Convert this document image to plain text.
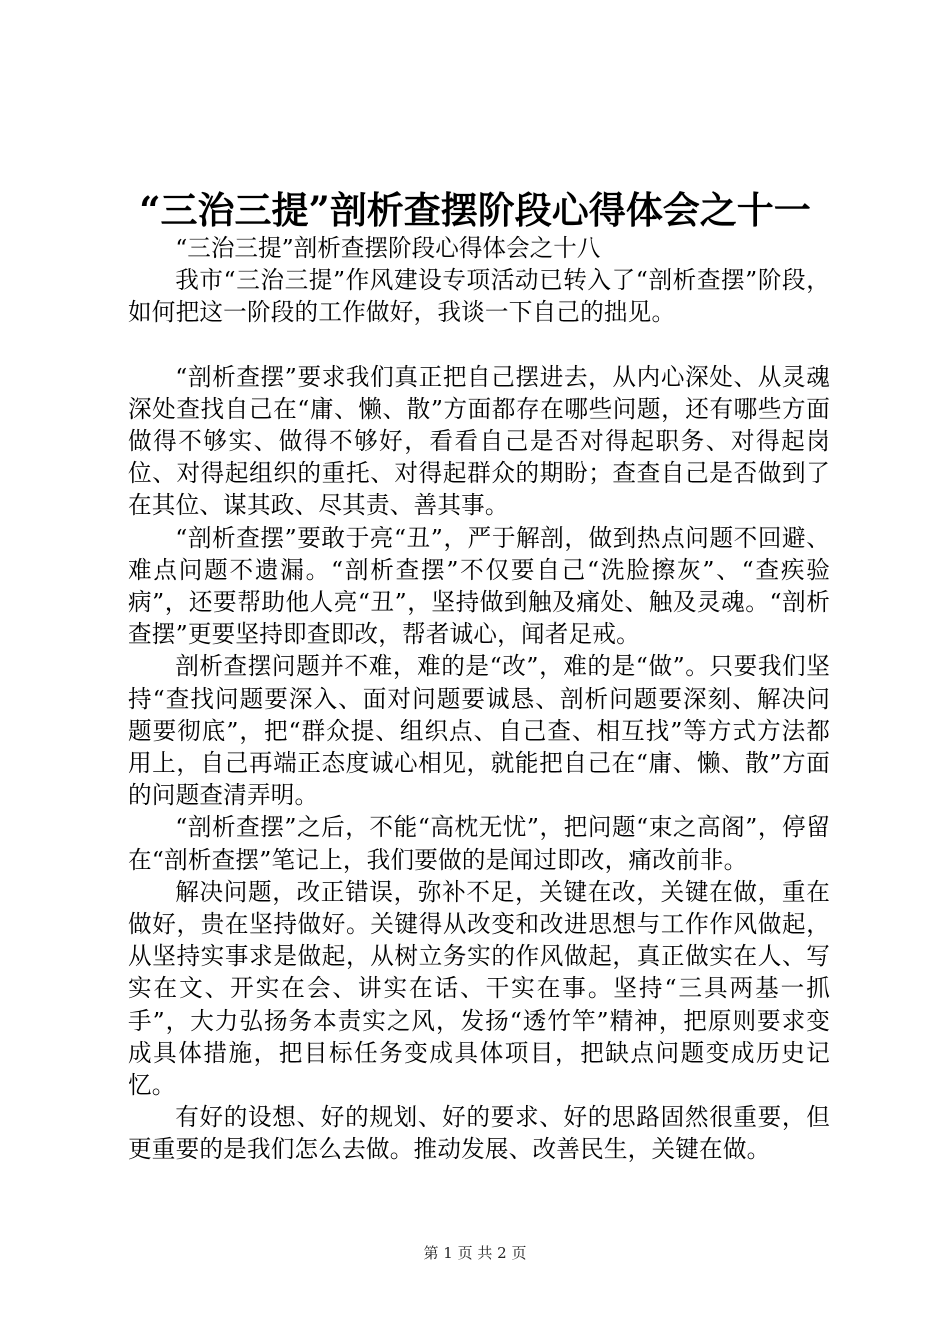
“三治三提”剖析查摆阶段心得体会之十一

“三治三提”剖析查摆阶段心得体会之十八

我市“三治三提”作风建设专项活动已转入了“剖析查摆”阶段，如何把这一阶段的工作做好，我谈一下自己的拙见。

“剖析查摆”要求我们真正把自己摆进去，从内心深处、从灵魂深处查找自己在“庸、懒、散”方面都存在哪些问题，还有哪些方面做得不够实、做得不够好，看看自己是否对得起职务、对得起岗位、对得起组织的重托、对得起群众的期盼；查查自己是否做到了在其位、谋其政、尽其责、善其事。

“剖析查摆”要敢于亮“丑”，严于解剖，做到热点问题不回避、难点问题不遗漏。“剖析查摆”不仅要自己“洗脸擦灰”、“查疾验病”，还要帮助他人亮“丑”，坚持做到触及痛处、触及灵魂。“剖析查摆”更要坚持即查即改，帮者诚心，闻者足戒。

剖析查摆问题并不难，难的是“改”，难的是“做”。只要我们坚持“查找问题要深入、面对问题要诚恳、剖析问题要深刻、解决问题要彻底”，把“群众提、组织点、自己查、相互找”等方式方法都用上，自己再端正态度诚心相见，就能把自己在“庸、懒、散”方面的问题查清弄明。

“剖析查摆”之后，不能“高枕无忧”，把问题“束之高阁”，停留在“剖析查摆”笔记上，我们要做的是闻过即改，痛改前非。

解决问题，改正错误，弥补不足，关键在改，关键在做，重在做好，贵在坚持做好。关键得从改变和改进思想与工作作风做起，从坚持实事求是做起，从树立务实的作风做起，真正做实在人、写实在文、开实在会、讲实在话、干实在事。坚持“三具两基一抓手”，大力弘扬务本责实之风，发扬“透竹竿”精神，把原则要求变成具体措施，把目标任务变成具体项目，把缺点问题变成历史记忆。

有好的设想、好的规划、好的要求、好的思路固然很重要，但更重要的是我们怎么去做。推动发展、改善民生，关键在做。

第 1 页 共 2 页
